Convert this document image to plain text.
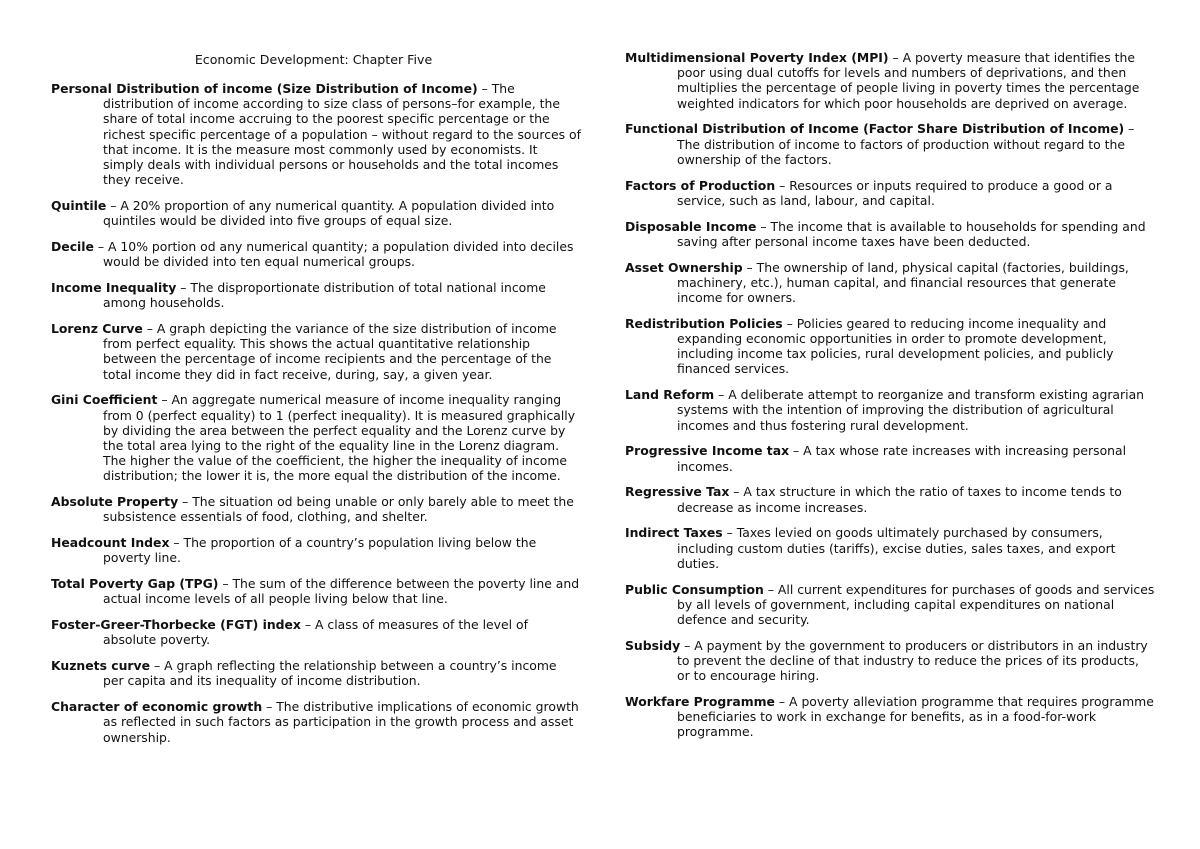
Economic Development: Chapter Five

Personal Distribution of income (Size Distribution of Income) – The distribution of income according to size class of persons–for example, the share of total income accruing to the poorest specific percentage or the richest specific percentage of a population – without regard to the sources of that income. It is the measure most commonly used by economists. It simply deals with individual persons or households and the total incomes they receive.

Quintile – A 20% proportion of any numerical quantity. A population divided into quintiles would be divided into five groups of equal size.

Decile – A 10% portion od any numerical quantity; a population divided into deciles would be divided into ten equal numerical groups.

Income Inequality – The disproportionate distribution of total national income among households.

Lorenz Curve – A graph depicting the variance of the size distribution of income from perfect equality. This shows the actual quantitative relationship between the percentage of income recipients and the percentage of the total income they did in fact receive, during, say, a given year.

Gini Coefficient – An aggregate numerical measure of income inequality ranging from 0 (perfect equality) to 1 (perfect inequality). It is measured graphically by dividing the area between the perfect equality and the Lorenz curve by the total area lying to the right of the equality line in the Lorenz diagram. The higher the value of the coefficient, the higher the inequality of income distribution; the lower it is, the more equal the distribution of the income.

Absolute Property – The situation od being unable or only barely able to meet the subsistence essentials of food, clothing, and shelter.

Headcount Index – The proportion of a country’s population living below the poverty line.

Total Poverty Gap (TPG) – The sum of the difference between the poverty line and actual income levels of all people living below that line.

Foster-Greer-Thorbecke (FGT) index – A class of measures of the level of absolute poverty.

Kuznets curve – A graph reflecting the relationship between a country’s income per capita and its inequality of income distribution.

Character of economic growth – The distributive implications of economic growth as reflected in such factors as participation in the growth process and asset ownership.

Multidimensional Poverty Index (MPI) – A poverty measure that identifies the poor using dual cutoffs for levels and numbers of deprivations, and then multiplies the percentage of people living in poverty times the percentage weighted indicators for which poor households are deprived on average.

Functional Distribution of Income (Factor Share Distribution of Income) – The distribution of income to factors of production without regard to the ownership of the factors.

Factors of Production – Resources or inputs required to produce a good or a service, such as land, labour, and capital.

Disposable Income – The income that is available to households for spending and saving after personal income taxes have been deducted.

Asset Ownership – The ownership of land, physical capital (factories, buildings, machinery, etc.), human capital, and financial resources that generate income for owners.

Redistribution Policies – Policies geared to reducing income inequality and expanding economic opportunities in order to promote development, including income tax policies, rural development policies, and publicly financed services.

Land Reform – A deliberate attempt to reorganize and transform existing agrarian systems with the intention of improving the distribution of agricultural incomes and thus fostering rural development.

Progressive Income tax – A tax whose rate increases with increasing personal incomes.

Regressive Tax – A tax structure in which the ratio of taxes to income tends to decrease as income increases.

Indirect Taxes – Taxes levied on goods ultimately purchased by consumers, including custom duties (tariffs), excise duties, sales taxes, and export duties.

Public Consumption – All current expenditures for purchases of goods and services by all levels of government, including capital expenditures on national defence and security.

Subsidy – A payment by the government to producers or distributors in an industry to prevent the decline of that industry to reduce the prices of its products, or to encourage hiring.

Workfare Programme – A poverty alleviation programme that requires programme beneficiaries to work in exchange for benefits, as in a food-for-work programme.
